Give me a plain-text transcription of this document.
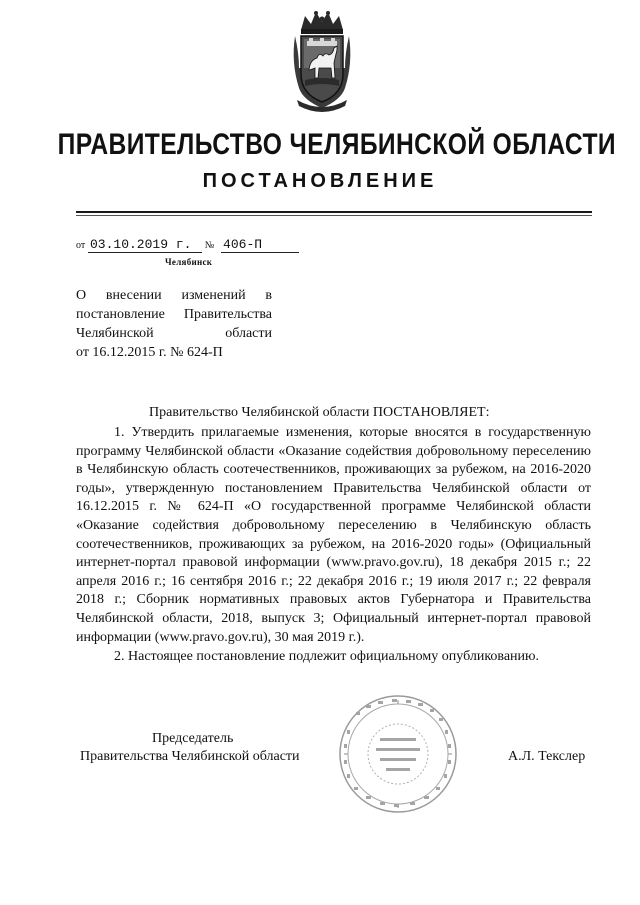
ПРАВИТЕЛЬСТВО ЧЕЛЯБИНСКОЙ ОБЛАСТИ
ПОСТАНОВЛЕНИЕ
от 03.10.2019 г. № 406-П
Челябинск
О внесении изменений в
постановление Правительства
Челябинской области
от 16.12.2015 г. № 624-П
Правительство Челябинской области ПОСТАНОВЛЯЕТ:

1. Утвердить прилагаемые изменения, которые вносятся в государственную программу Челябинской области «Оказание содействия добровольному переселению в Челябинскую область соотечественников, проживающих за рубежом, на 2016-2020 годы», утвержденную постановлением Правительства Челябинской области от 16.12.2015 г. № 624-П «О государственной программе Челябинской области «Оказание содействия добровольному переселению в Челябинскую область соотечественников, проживающих за рубежом, на 2016-2020 годы» (Официальный интернет-портал правовой информации (www.pravo.gov.ru), 18 декабря 2015 г.; 22 апреля 2016 г.; 16 сентября 2016 г.; 22 декабря 2016 г.; 19 июля 2017 г.; 22 февраля 2018 г.; Сборник нормативных правовых актов Губернатора и Правительства Челябинской области, 2018, выпуск 3; Официальный интернет-портал правовой информации (www.pravo.gov.ru), 30 мая 2019 г.).

2. Настоящее постановление подлежит официальному опубликованию.

Председатель
Правительства Челябинской области	А.Л. Текслер
